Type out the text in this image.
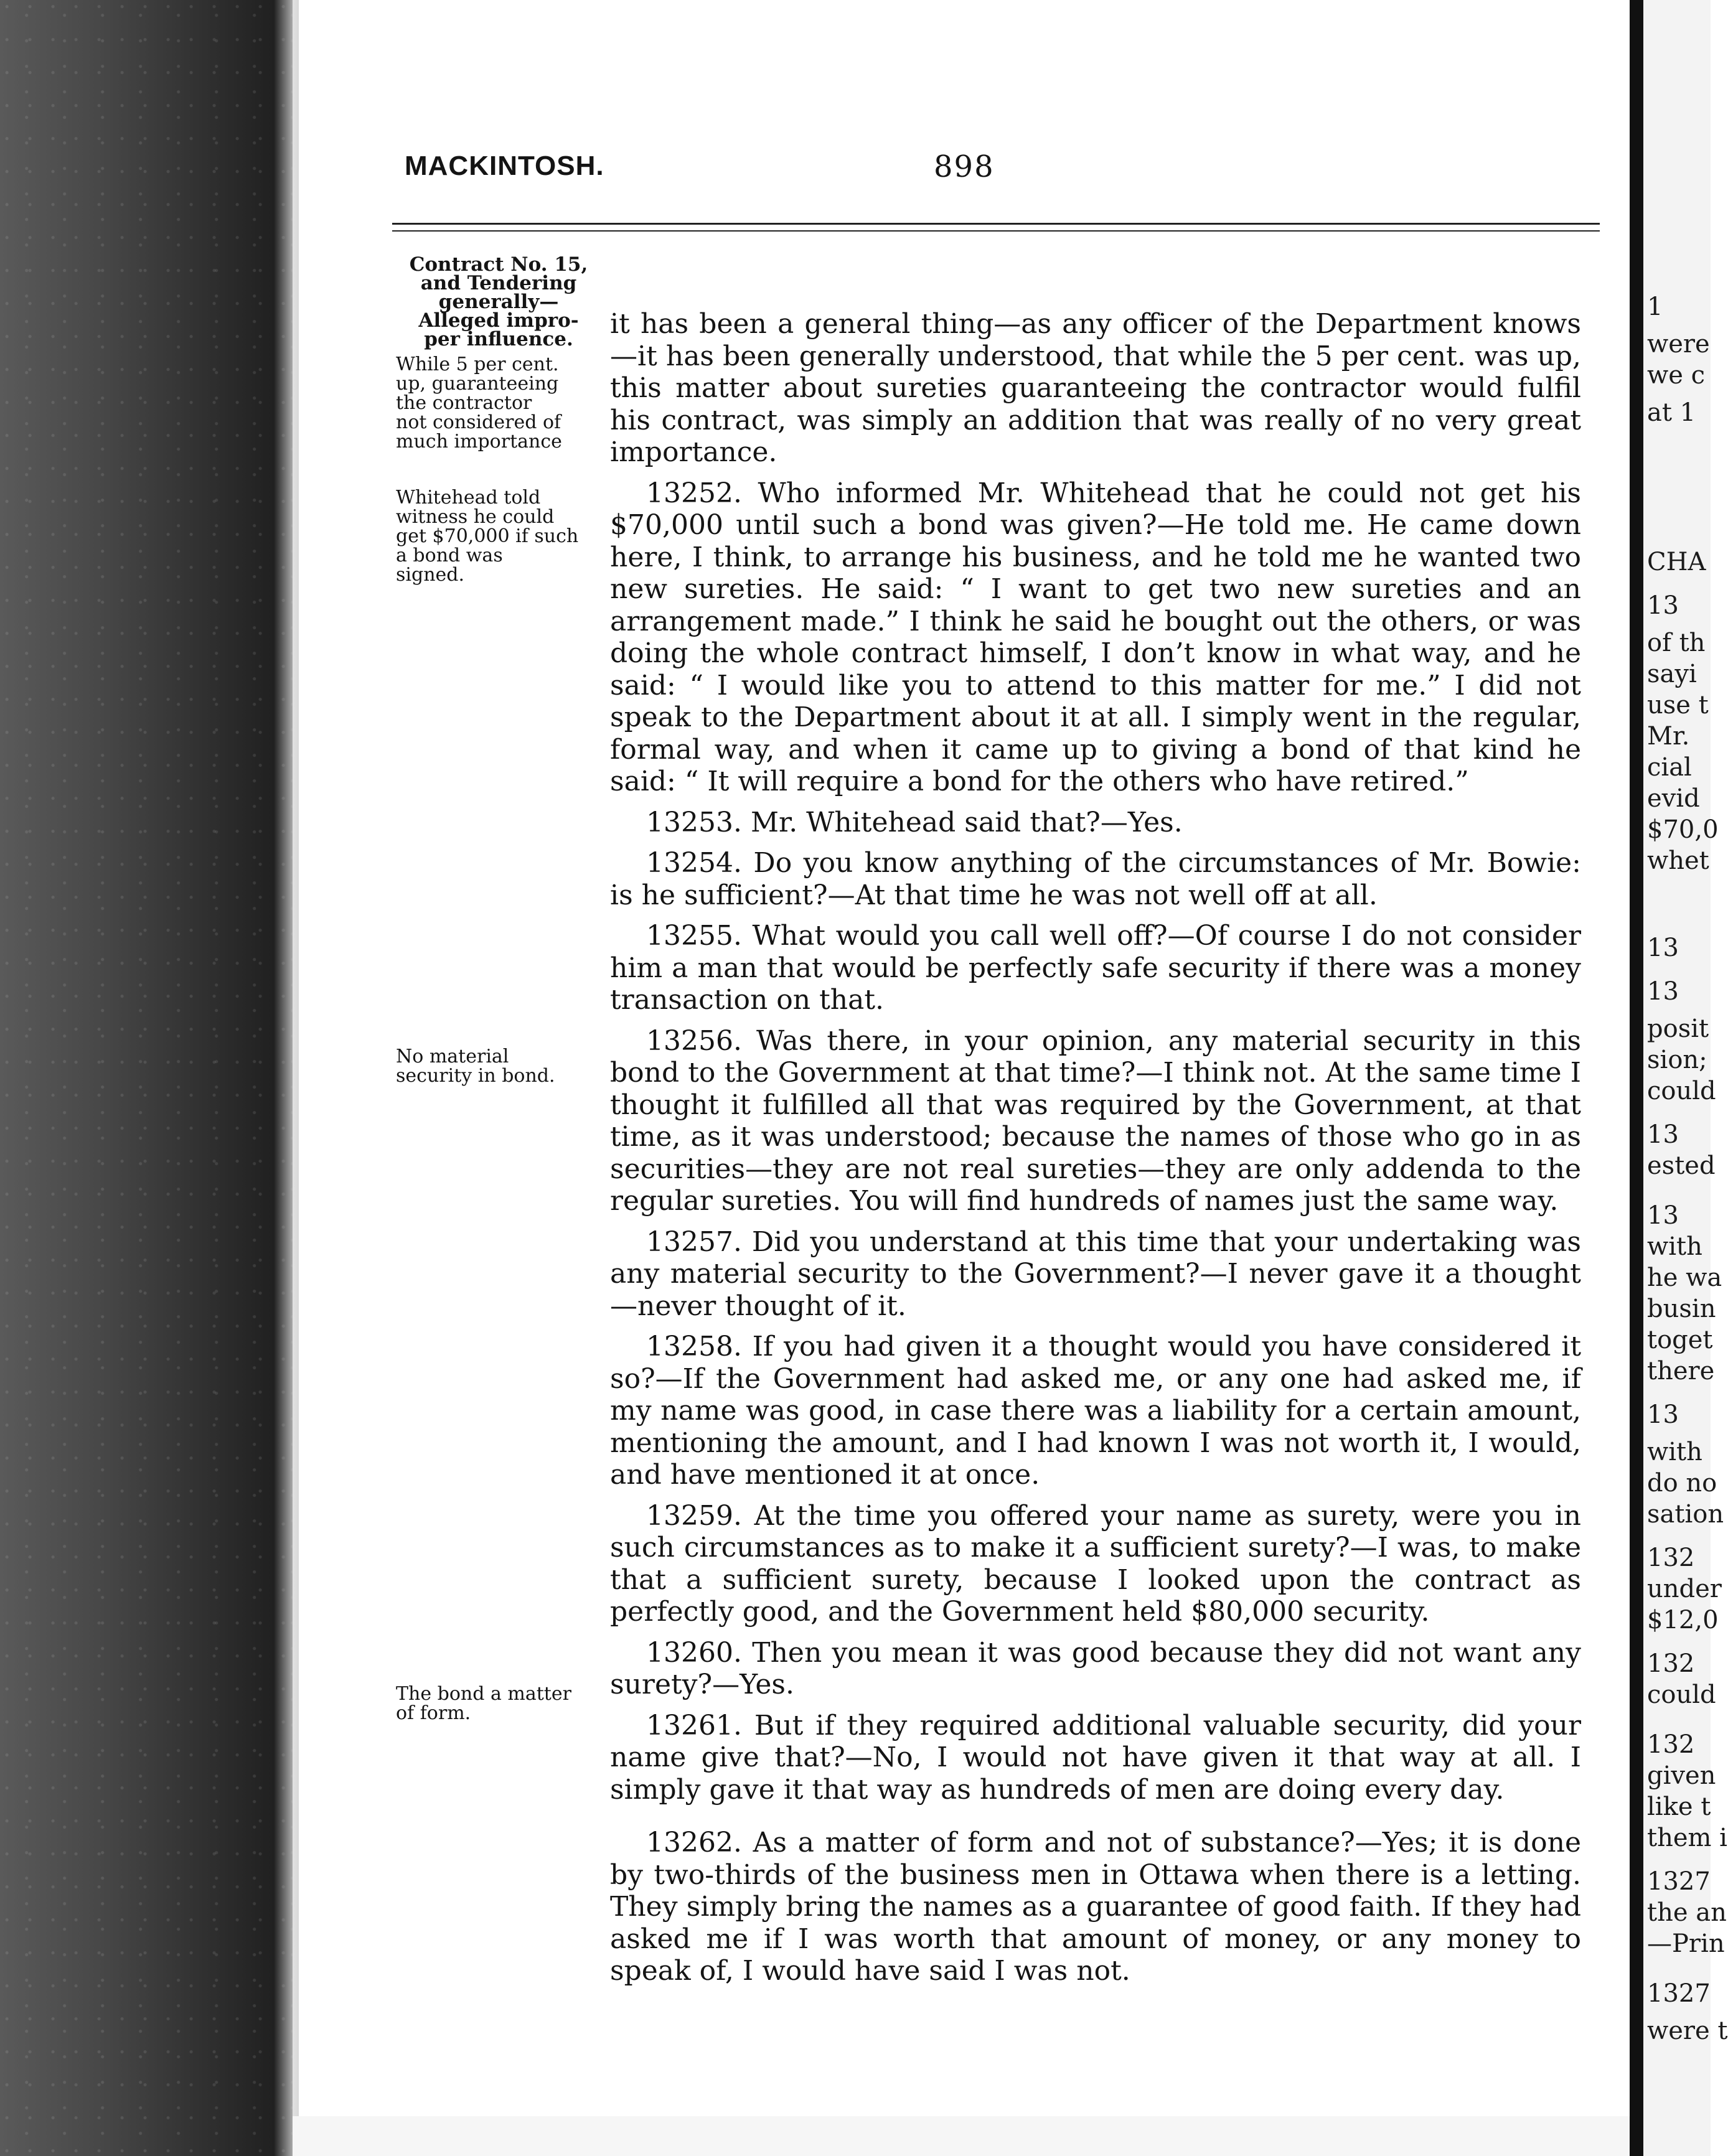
1
were
we c
at 1
CHA
13
of th
sayi
use t
Mr.
cial
evid
$70,0
whet
13
13
posit
sion;
could
13
ested
13
with
he wa
busin
toget
there
13
with
do no
sation
132
under
$12,0
132
could
132
given
like t
them i
1327
the an
—Prin
1327
were t
MACKINTOSH.	898
Contract No. 15,
and Tendering
generally—
Alleged impro-
per influence.
While 5 per cent.
up, guaranteeing
the contractor
not considered of
much importance
Whitehead told
witness he could
get $70,000 if such
a bond was
signed.
No material
security in bond.
The bond a matter
of form.

it has been a general thing—as any officer of the Department knows—it has been generally understood, that while the 5 per cent. was up, this matter about sureties guaranteeing the contractor would fulfil his contract, was simply an addition that was really of no very great importance.

13252. Who informed Mr. Whitehead that he could not get his $70,000 until such a bond was given?—He told me. He came down here, I think, to arrange his business, and he told me he wanted two new sureties. He said: “ I want to get two new sureties and an arrangement made.” I think he said he bought out the others, or was doing the whole contract himself, I don’t know in what way, and he said: “ I would like you to attend to this matter for me.” I did not speak to the Department about it at all. I simply went in the regular, formal way, and when it came up to giving a bond of that kind he said: “ It will require a bond for the others who have retired.”

13253. Mr. Whitehead said that?—Yes.

13254. Do you know anything of the circumstances of Mr. Bowie: is he sufficient?—At that time he was not well off at all.

13255. What would you call well off?—Of course I do not consider him a man that would be perfectly safe security if there was a money transaction on that.

13256. Was there, in your opinion, any material security in this bond to the Government at that time?—I think not. At the same time I thought it fulfilled all that was required by the Government, at that time, as it was understood; because the names of those who go in as securities—they are not real sureties—they are only addenda to the regular sureties. You will find hundreds of names just the same way.

13257. Did you understand at this time that your undertaking was any material security to the Government?—I never gave it a thought—never thought of it.

13258. If you had given it a thought would you have considered it so?—If the Government had asked me, or any one had asked me, if my name was good, in case there was a liability for a certain amount, mentioning the amount, and I had known I was not worth it, I would, and have mentioned it at once.

13259. At the time you offered your name as surety, were you in such circumstances as to make it a sufficient surety?—I was, to make that a sufficient surety, because I looked upon the contract as perfectly good, and the Government held $80,000 security.

13260. Then you mean it was good because they did not want any surety?—Yes.

13261. But if they required additional valuable security, did your name give that?—No, I would not have given it that way at all. I simply gave it that way as hundreds of men are doing every day.

13262. As a matter of form and not of substance?—Yes; it is done by two-thirds of the business men in Ottawa when there is a letting. They simply bring the names as a guarantee of good faith. If they had asked me if I was worth that amount of money, or any money to speak of, I would have said I was not.
